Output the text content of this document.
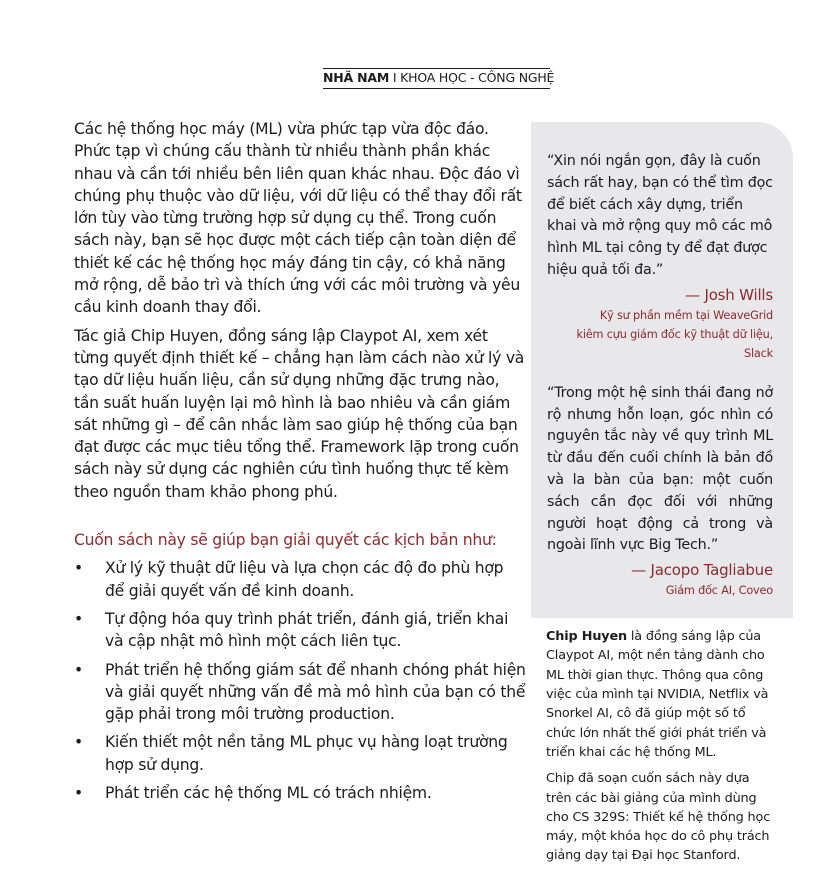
NHÃ NAM I KHOA HỌC - CÔNG NGHỆ

Các hệ thống học máy (ML) vừa phức tạp vừa độc đáo. Phức tạp vì chúng cấu thành từ nhiều thành phần khác nhau và cần tới nhiều bên liên quan khác nhau. Độc đáo vì chúng phụ thuộc vào dữ liệu, với dữ liệu có thể thay đổi rất lớn tùy vào từng trường hợp sử dụng cụ thể. Trong cuốn sách này, bạn sẽ học được một cách tiếp cận toàn diện để thiết kế các hệ thống học máy đáng tin cậy, có khả năng mở rộng, dễ bảo trì và thích ứng với các môi trường và yêu cầu kinh doanh thay đổi.

Tác giả Chip Huyen, đồng sáng lập Claypot AI, xem xét từng quyết định thiết kế – chẳng hạn làm cách nào xử lý và tạo dữ liệu huấn liệu, cần sử dụng những đặc trưng nào, tần suất huấn luyện lại mô hình là bao nhiêu và cần giám sát những gì – để cân nhắc làm sao giúp hệ thống của bạn đạt được các mục tiêu tổng thể. Framework lặp trong cuốn sách này sử dụng các nghiên cứu tình huống thực tế kèm theo nguồn tham khảo phong phú.

Cuốn sách này sẽ giúp bạn giải quyết các kịch bản như:

• Xử lý kỹ thuật dữ liệu và lựa chọn các độ đo phù hợp để giải quyết vấn đề kinh doanh.
• Tự động hóa quy trình phát triển, đánh giá, triển khai và cập nhật mô hình một cách liên tục.
• Phát triển hệ thống giám sát để nhanh chóng phát hiện và giải quyết những vấn đề mà mô hình của bạn có thể gặp phải trong môi trường production.
• Kiến thiết một nền tảng ML phục vụ hàng loạt trường hợp sử dụng.
• Phát triển các hệ thống ML có trách nhiệm.

“Xin nói ngắn gọn, đây là cuốn sách rất hay, bạn có thể tìm đọc để biết cách xây dựng, triển khai và mở rộng quy mô các mô hình ML tại công ty để đạt được hiệu quả tối đa.”

— Josh Wills
Kỹ sư phần mềm tại WeaveGrid
kiêm cựu giám đốc kỹ thuật dữ liệu, Slack

“Trong một hệ sinh thái đang nở rộ nhưng hỗn loạn, góc nhìn có nguyên tắc này về quy trình ML từ đầu đến cuối chính là bản đồ và la bàn của bạn: một cuốn sách cần đọc đối với những người hoạt động cả trong và ngoài lĩnh vực Big Tech.”

— Jacopo Tagliabue
Giám đốc AI, Coveo

Chip Huyen là đồng sáng lập của Claypot AI, một nền tảng dành cho ML thời gian thực. Thông qua công việc của mình tại NVIDIA, Netflix và Snorkel AI, cô đã giúp một số tổ chức lớn nhất thế giới phát triển và triển khai các hệ thống ML.

Chip đã soạn cuốn sách này dựa trên các bài giảng của mình dùng cho CS 329S: Thiết kế hệ thống học máy, một khóa học do cô phụ trách giảng dạy tại Đại học Stanford.
